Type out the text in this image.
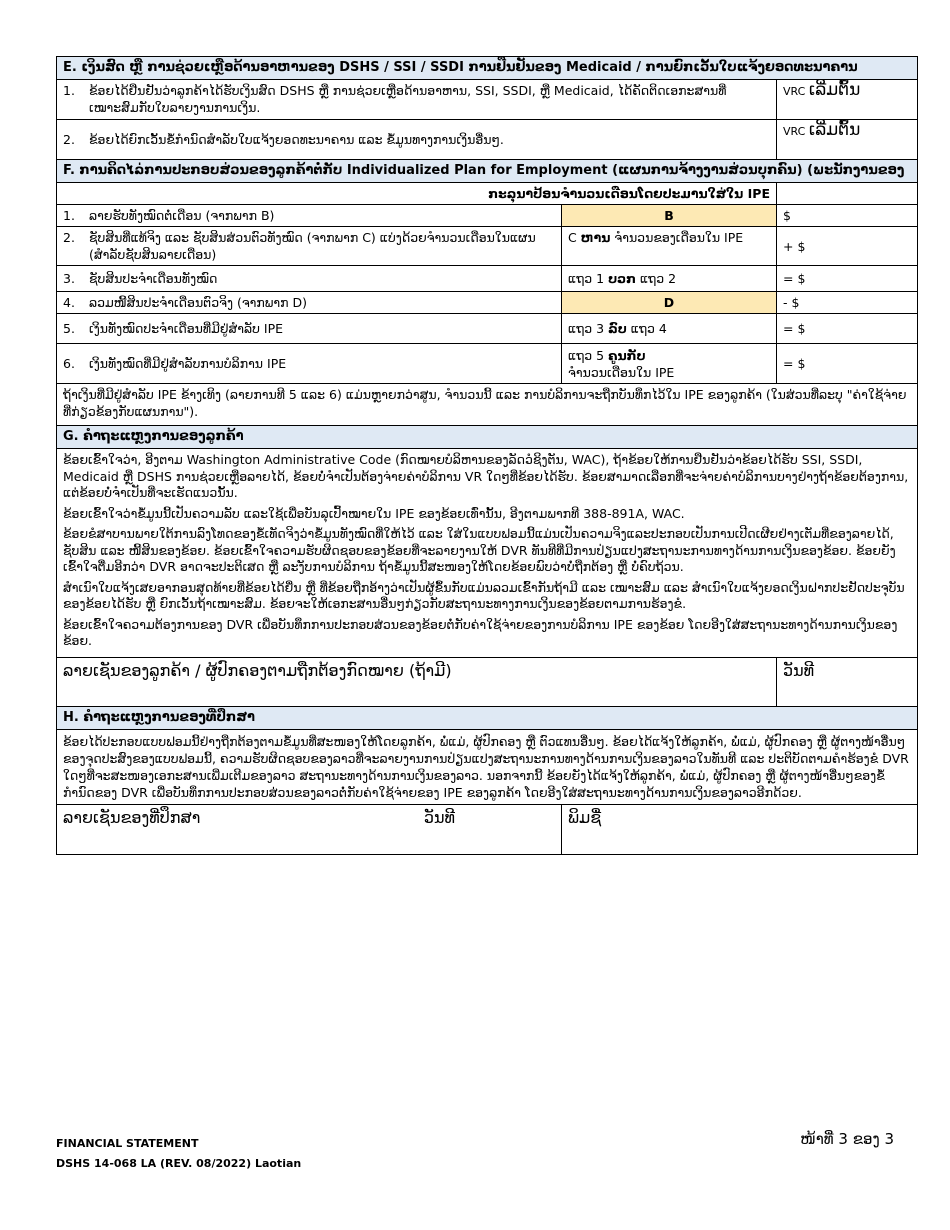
E. ເງິນສົດ ຫຼື ການຊ່ວຍເຫຼືອດ້ານອາຫານຂອງ DSHS / SSI / SSDI ການຢືນຢັນຂອງ Medicaid / ການຍົກເວັ້ນໃບແຈ້ງຍອດທະນາຄານ		

1. ຂ້ອຍໄດ້ຢືນຢັນວ່າລູກຄ້າໄດ້ຮັບເງິນສົດ DSHS ຫຼື ການຊ່ວຍເຫຼືອດ້ານອາຫານ, SSI, SSDI, ຫຼື Medicaid, ໄດ້ຄັດຕິດເອກະສານທີ່ເໝາະສົມກັບໃບລາຍງານການເງິນ.		VRC ເລີ່ມຕົ້ນ

2. ຂ້ອຍໄດ້ຍົກເວັ້ນຂໍ້ກຳນົດສຳລັບໃບແຈ້ງຍອດທະນາຄານ ແລະ ຂໍ້ມູນທາງການເງິນອື່ນໆ.		VRC ເລີ່ມຕົ້ນ
F. ການຄິດໄລ່ການປະກອບສ່ວນຂອງລູກຄ້າຕໍ່ກັບ Individualized Plan for Employment (ແຜນການຈ້າງງານສ່ວນບຸກຄົນ) (ພະນັກງານຂອງ		
ກະລຸນາປ້ອນຈຳນວນເດືອນໂດຍປະມານໃສ່ໃນ IPE		
1. ລາຍຮັບທັງໝົດຕໍ່ເດືອນ (ຈາກພາກ B)	B	$

2. ຊັບສິນທີ່ແທ້ຈິງ ແລະ ຊັບສິນສ່ວນຕົວທັງໝົດ (ຈາກພາກ C) ແບ່ງດ້ວຍຈຳນວນເດືອນໃນແຜນ (ສຳລັບຊັບສິນລາຍເດືອນ)	C ຫານ ຈຳນວນຂອງເດືອນໃນ IPE	+ $
3. ຊັບສິນປະຈຳເດືອນທັງໝົດ	ແຖວ 1 ບວກ ແຖວ 2	= $
4. ລວມໜີ້ສິນປະຈຳເດືອນຕົວຈິງ (ຈາກພາກ D)	D	- $
5. ເງິນທັງໝົດປະຈຳເດືອນທີ່ມີຢູ່ສຳລັບ IPE	ແຖວ 3 ລົບ ແຖວ 4	= $
6. ເງິນທັງໝົດທີ່ມີຢູ່ສຳລັບການບໍລິການ IPE	ແຖວ 5 ຄູນກັບ
ຈຳນວນເດືອນໃນ IPE	= $
ຖ້າເງິນທີ່ມີຢູ່ສຳລັບ IPE ຂ້າງເທິງ (ລາຍການທີ 5 ແລະ 6) ແມ່ນຫຼາຍກວ່າສູນ, ຈຳນວນນີ້ ແລະ ການບໍລິການຈະຖືກບັນທຶກໄວ້ໃນ IPE ຂອງລູກຄ້າ (ໃນສ່ວນທີ່ລະບຸ "ຄ່າໃຊ້ຈ່າຍທີ່ກ່ຽວຂ້ອງກັບແຜນການ").		
G. ຄຳຖະແຫຼງການຂອງລູກຄ້າ		

ຂ້ອຍເຂົ້າໃຈວ່າ, ອີງຕາມ Washington Administrative Code (ກົດໝາຍບໍລິຫານຂອງລັດວໍຊິງຕັນ, WAC), ຖ້າຂ້ອຍໃຫ້ການຢືນຢັນວ່າຂ້ອຍໄດ້ຮັບ SSI, SSDI, Medicaid ຫຼື DSHS ການຊ່ວຍເຫຼືອລາຍໄດ້, ຂ້ອຍບໍ່ຈຳເປັນຕ້ອງຈ່າຍຄ່າບໍລິການ VR ໃດໆທີ່ຂ້ອຍໄດ້ຮັບ. ຂ້ອຍສາມາດເລືອກທີ່ຈະຈ່າຍຄ່າບໍລິການບາງຢ່າງຖ້າຂ້ອຍຕ້ອງການ, ແຕ່ຂ້ອຍບໍ່ຈຳເປັນທີ່ຈະເຮັດແນວນັ້ນ.

ຂ້ອຍເຂົ້າໃຈວ່າຂໍ້ມູນນີ້ເປັນຄວາມລັບ ແລະໃຊ້ເພື່ອບັນລຸເປົ້າໝາຍໃນ IPE ຂອງຂ້ອຍເທົ່ານັ້ນ, ອີງຕາມພາກທີ 388-891A, WAC.

ຂ້ອຍຂໍສາບານພາຍໃຕ້ການລົງໂທດຂອງຂໍ້ເທັດຈິງວ່າຂໍ້ມູນທັງໝົດທີ່ໃຫ້ໄວ້ ແລະ ໃສ່ໃນແບບຟອມນີ້ແມ່ນເປັນຄວາມຈິງແລະປະກອບເປັນການເປີດເຜີຍຢ່າງເຕັມທີ່ຂອງລາຍໄດ້, ຊັບສິນ ແລະ ໜີ້ສິນຂອງຂ້ອຍ. ຂ້ອຍເຂົ້າໃຈຄວາມຮັບຜິດຊອບຂອງຂ້ອຍທີ່ຈະລາຍງານໃຫ້ DVR ທັນທີທີ່ມີການປ່ຽນແປງສະຖານະການທາງດ້ານການເງິນຂອງຂ້ອຍ. ຂ້ອຍຍັງເຂົ້າໃຈຕື່ມອີກວ່າ DVR ອາດຈະປະຕິເສດ ຫຼື ລະງັບການບໍລິການ ຖ້າຂໍ້ມູນນີ້ສະໜອງໃຫ້ໂດຍຂ້ອຍພົບວ່າບໍ່ຖືກຕ້ອງ ຫຼື ບໍ່ຄົບຖ້ວນ.

ສຳເນົາໃບແຈ້ງເສຍອາກອນສຸດທ້າຍທີ່ຂ້ອຍໄດ້ຍື່ນ ຫຼື ທີ່ຂ້ອຍຖືກອ້າງວ່າເປັນຜູ້ຂຶ້ນກັບແມ່ນລວມເຂົ້າກັນຖ້າມີ ແລະ ເໝາະສົມ ແລະ ສຳເນົາໃບແຈ້ງຍອດເງິນຝາກປະຢັດປະຈຸບັນຂອງຂ້ອຍໄດ້ຮັບ ຫຼື ຍົກເວັ້ນຖ້າເໝາະສົມ. ຂ້ອຍຈະໃຫ້ເອກະສານອື່ນໆກ່ຽວກັບສະຖານະທາງການເງິນຂອງຂ້ອຍຕາມການຮ້ອງຂໍ.

ຂ້ອຍເຂົ້າໃຈຄວາມຕ້ອງການຂອງ DVR ເພື່ອບັນທຶກການປະກອບສ່ວນຂອງຂ້ອຍຕໍ່ກັບຄ່າໃຊ້ຈ່າຍຂອງການບໍລິການ IPE ຂອງຂ້ອຍ ໂດຍອີງໃສ່ສະຖານະທາງດ້ານການເງິນຂອງຂ້ອຍ.		

ລາຍເຊັນຂອງລູກຄ້າ / ຜູ້ປົກຄອງຕາມຖືກຕ້ອງກົດໝາຍ (ຖ້າມີ)		ວັນທີ
H. ຄຳຖະແຫຼງການຂອງທີ່ປຶກສາ		
ຂ້ອຍໄດ້ປະກອບແບບຟອມນີ້ຢ່າງຖືກຕ້ອງຕາມຂໍ້ມູນທີ່ສະໜອງໃຫ້ໂດຍລູກຄ້າ, ພໍ່ແມ່, ຜູ້ປົກຄອງ ຫຼື ຕົວແທນອື່ນໆ. ຂ້ອຍໄດ້ແຈ້ງໃຫ້ລູກຄ້າ, ພໍ່ແມ່, ຜູ້ປົກຄອງ ຫຼື ຜູ້ຕາງໜ້າອື່ນໆຂອງຈຸດປະສົງຂອງແບບຟອມນີ້, ຄວາມຮັບຜິດຊອບຂອງລາວທີ່ຈະລາຍງານການປ່ຽນແປງສະຖານະການທາງດ້ານການເງິນຂອງລາວໃນທັນທີ ແລະ ປະຕິບັດຕາມຄຳຮ້ອງຂໍ DVR ໃດໆທີ່ຈະສະໜອງເອກະສານເພີ່ມເຕີມຂອງລາວ ສະຖານະທາງດ້ານການເງິນຂອງລາວ. ນອກຈາກນີ້ ຂ້ອຍຍັງໄດ້ແຈ້ງໃຫ້ລູກຄ້າ, ພໍ່ແມ່, ຜູ້ປົກຄອງ ຫຼື ຜູ້ຕາງໜ້າອື່ນໆຂອງຂໍ້ກຳນົດຂອງ DVR ເພື່ອບັນທຶກການປະກອບສ່ວນຂອງລາວຕໍ່ກັບຄ່າໃຊ້ຈ່າຍຂອງ IPE ຂອງລູກຄ້າ ໂດຍອີງໃສ່ສະຖານະທາງດ້ານການເງິນຂອງລາວອີກດ້ວຍ.		
ລາຍເຊັນຂອງທີ່ປຶກສາ ວັນທີ	ພິມຊື່	
FINANCIAL STATEMENT
DSHS 14-068 LA (REV. 08/2022) Laotian
ໜ້າທີ່ 3 ຂອງ 3
